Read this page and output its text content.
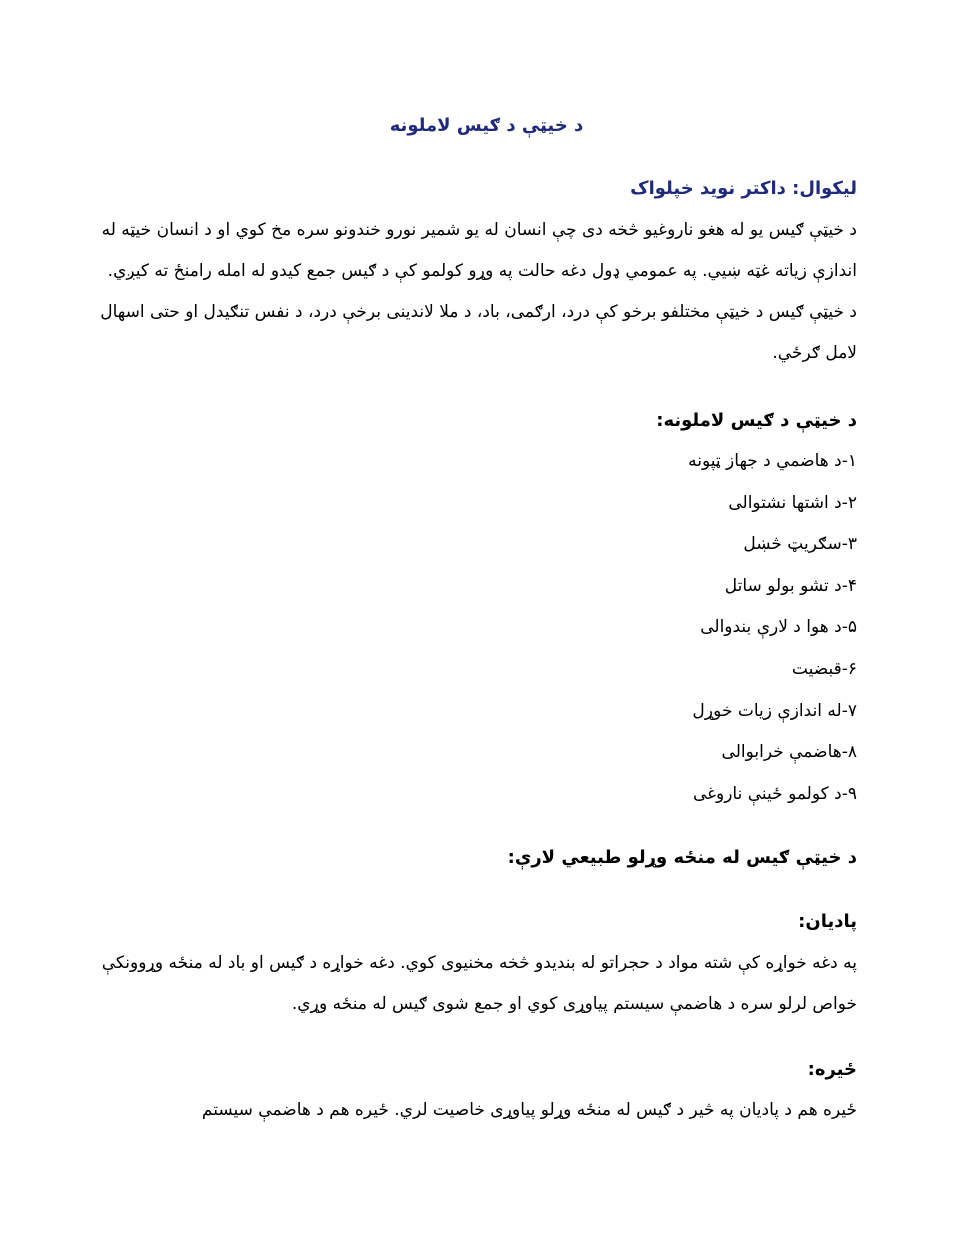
د خیټې د ګیس لاملونه
لیکوال: داکتر نوید خپلواک
د خیټې ګیس یو له هغو ناروغیو څخه دی چې انسان له یو شمیر نورو خندونو سره مخ کوي او د انسان خیټه له اندازې زیاته غټه ښيي. په عمومي ډول دغه حالت په وړو کولمو کې د ګیس جمع کیدو له امله رامنځ ته کیږي. د خیټې ګیس د خیټې مختلفو برخو کې درد، ارګمی، باد، د ملا لاندینی برخې درد، د نفس تنګیدل او حتی اسهال لامل ګرځي.
د خیټې د ګیس لاملونه:
۱-د هاضمي د جهاز ټپونه
۲-د اشتها نشتوالی
۳-سګریټ څښل
۴-د تشو بولو ساتل
۵-د هوا د لارې بندوالی
۶-قبضیت
۷-له اندازې زیات خوړل
۸-هاضمې خرابوالی
۹-د کولمو ځینې ناروغی
د خیټې ګیس له منځه وړلو طبیعي لارې:
پادیان:
په دغه خواړه کې شته مواد د حجراتو له بندیدو څخه مخنیوی کوي. دغه خواړه د ګیس او باد له منځه وړوونکې خواص لرلو سره د هاضمې سیستم پیاوړی کوي او جمع شوی ګیس له منځه وړي.
ځیره:
ځیره هم د پادیان په څیر د ګیس له منځه وړلو پیاوړی خاصیت لري. ځیره هم د هاضمې سیستم
